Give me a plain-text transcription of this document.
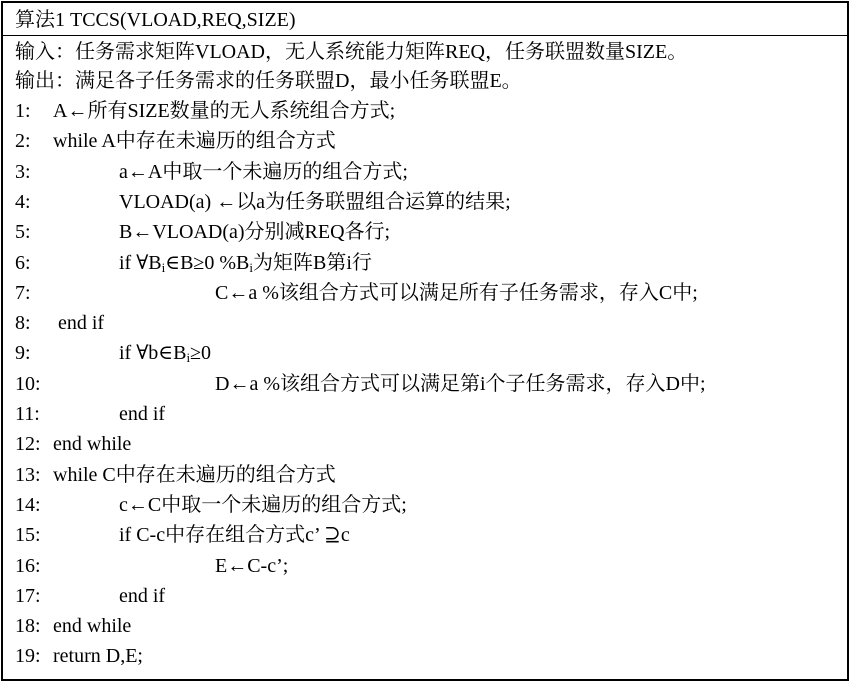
算法1 TCCS(VLOAD,REQ,SIZE)

输入：任务需求矩阵VLOAD，无人系统能力矩阵REQ，任务联盟数量SIZE。

输出：满足各子任务需求的任务联盟D，最小任务联盟E。

1: A←所有SIZE数量的无人系统组合方式;
2: while A中存在未遍历的组合方式
3:	a←A中取一个未遍历的组合方式;
4:	VLOAD(a) ←以a为任务联盟组合运算的结果;
5:	B←VLOAD(a)分别减REQ各行;
6:	if $\forall B_i\in B\ge 0$ $\%B_i$为矩阵B第i行
7:	C←a %该组合方式可以满足所有子任务需求，存入C中;
8: end if
9:	if $\forall b\in B_i\ge 0$
10:	D←a %该组合方式可以满足第i个子任务需求，存入D中;
11:	end if
12: end while
13: while C中存在未遍历的组合方式
14:	c←C中取一个未遍历的组合方式;
15:	if C-c中存在组合方式c’ ⊇c
16:	E←C-c’;
17:	end if
18: end while
19: return D,E;
